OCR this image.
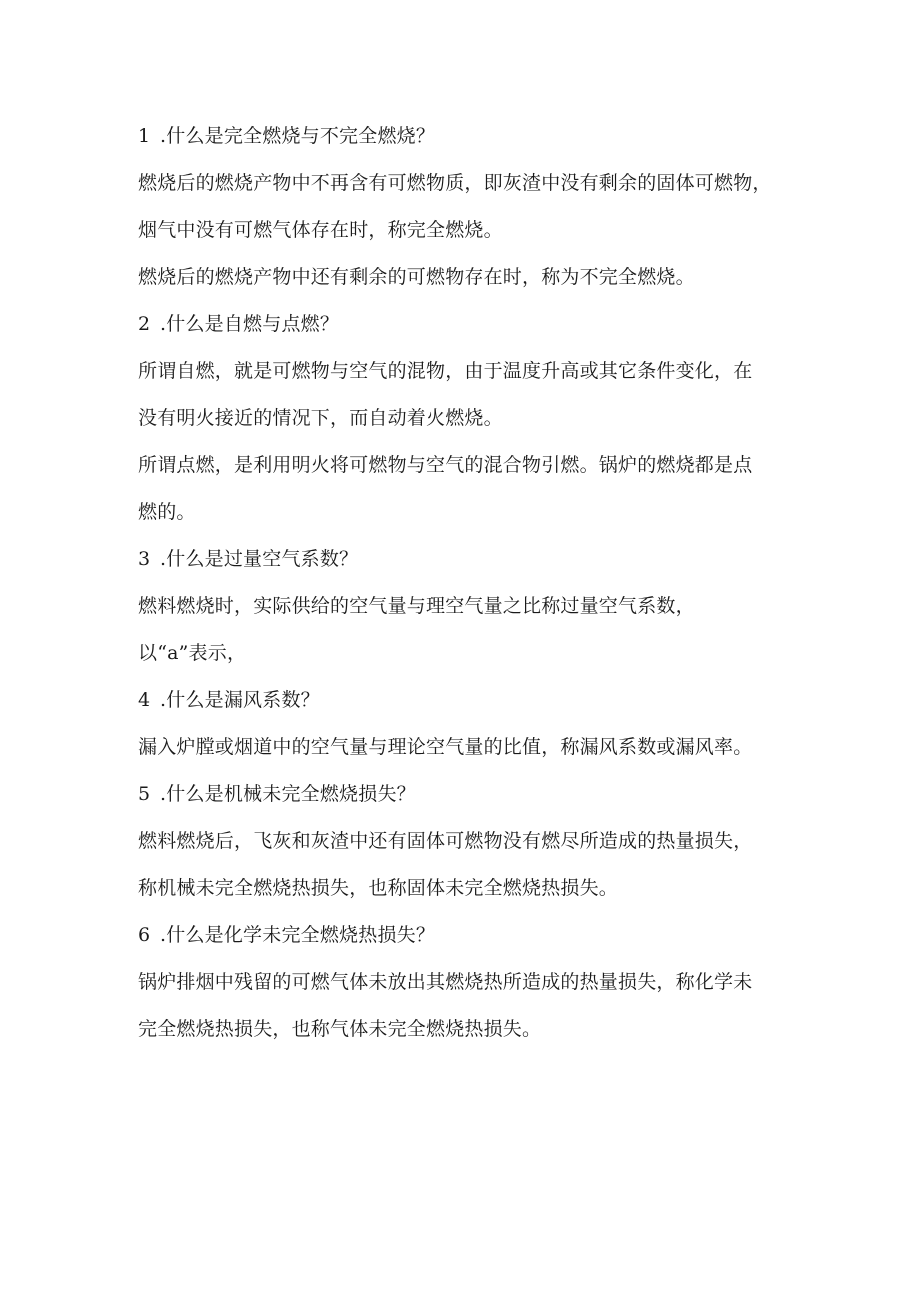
1 .什么是完全燃烧与不完全燃烧？
燃烧后的燃烧产物中不再含有可燃物质，即灰渣中没有剩余的固体可燃物，
烟气中没有可燃气体存在时，称完全燃烧。
燃烧后的燃烧产物中还有剩余的可燃物存在时，称为不完全燃烧。
2 .什么是自燃与点燃？
所谓自燃，就是可燃物与空气的混物，由于温度升高或其它条件变化，在
没有明火接近的情况下，而自动着火燃烧。
所谓点燃，是利用明火将可燃物与空气的混合物引燃。锅炉的燃烧都是点
燃的。
3 .什么是过量空气系数？
燃料燃烧时，实际供给的空气量与理空气量之比称过量空气系数，
以“a”表示，
4 .什么是漏风系数？
漏入炉膛或烟道中的空气量与理论空气量的比值，称漏风系数或漏风率。
5 .什么是机械未完全燃烧损失？
燃料燃烧后，飞灰和灰渣中还有固体可燃物没有燃尽所造成的热量损失，
称机械未完全燃烧热损失，也称固体未完全燃烧热损失。
6 .什么是化学未完全燃烧热损失？
锅炉排烟中残留的可燃气体未放出其燃烧热所造成的热量损失，称化学未
完全燃烧热损失，也称气体未完全燃烧热损失。
